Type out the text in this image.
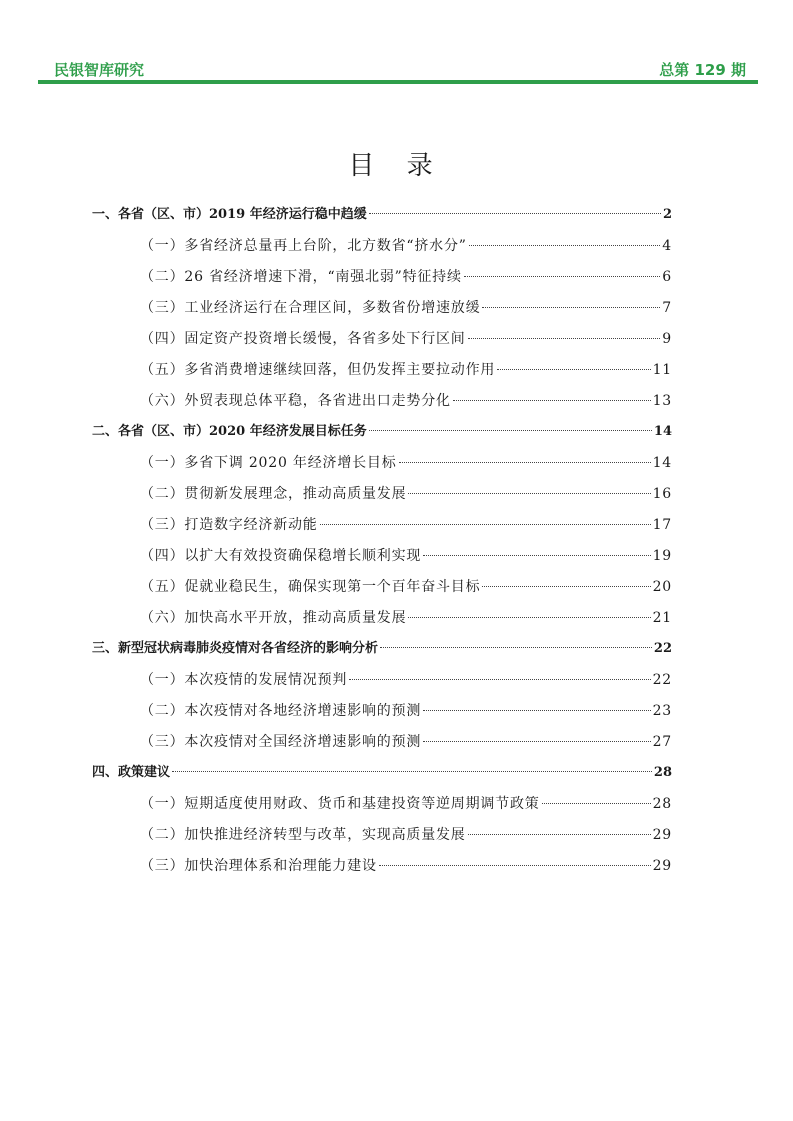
民银智库研究	总第 129 期
目 录
一、各省（区、市）2019 年经济运行稳中趋缓	2
（一）多省经济总量再上台阶，北方数省“挤水分”	4
（二）26 省经济增速下滑，“南强北弱”特征持续	6
（三）工业经济运行在合理区间，多数省份增速放缓	7
（四）固定资产投资增长缓慢，各省多处下行区间	9
（五）多省消费增速继续回落，但仍发挥主要拉动作用	11
（六）外贸表现总体平稳，各省进出口走势分化	13
二、各省（区、市）2020 年经济发展目标任务	14
（一）多省下调 2020 年经济增长目标	14
（二）贯彻新发展理念，推动高质量发展	16
（三）打造数字经济新动能	17
（四）以扩大有效投资确保稳增长顺利实现	19
（五）促就业稳民生，确保实现第一个百年奋斗目标	20
（六）加快高水平开放，推动高质量发展	21
三、新型冠状病毒肺炎疫情对各省经济的影响分析	22
（一）本次疫情的发展情况预判	22
（二）本次疫情对各地经济增速影响的预测	23
（三）本次疫情对全国经济增速影响的预测	27
四、政策建议	28
（一）短期适度使用财政、货币和基建投资等逆周期调节政策	28
（二）加快推进经济转型与改革，实现高质量发展	29
（三）加快治理体系和治理能力建设	29
